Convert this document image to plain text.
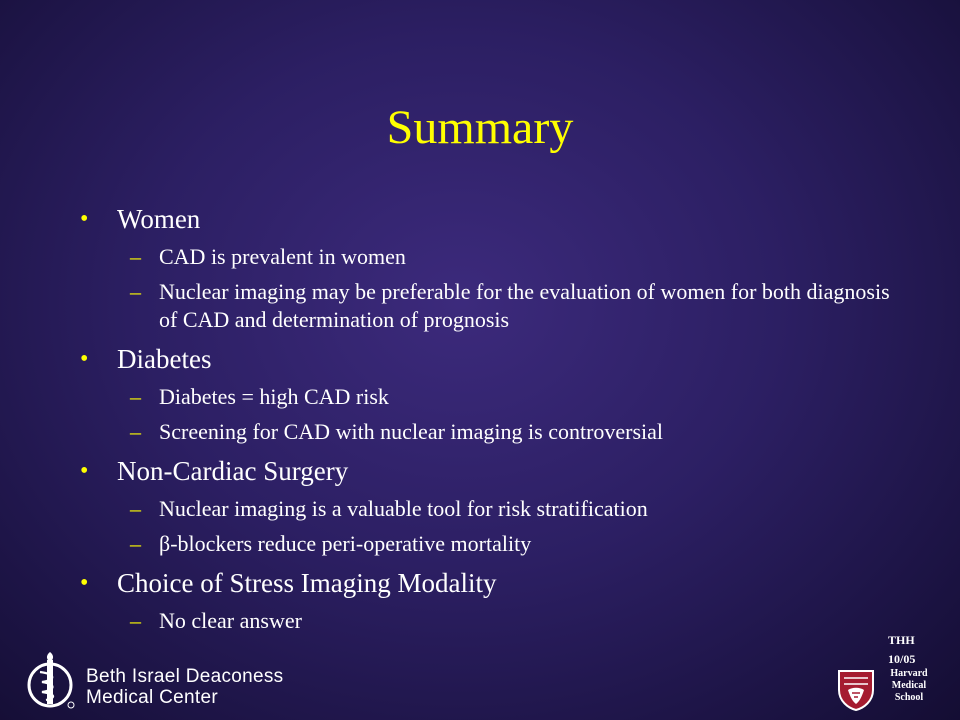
Summary
• Women
– CAD is prevalent in women
– Nuclear imaging may be preferable for the evaluation of women for both diagnosis of CAD and determination of prognosis
• Diabetes
– Diabetes = high CAD risk
– Screening for CAD with nuclear imaging is controversial
• Non-Cardiac Surgery
– Nuclear imaging is a valuable tool for risk stratification
– β-blockers reduce peri-operative mortality
• Choice of Stress Imaging Modality
– No clear answer
Beth Israel Deaconess
Medical Center
THH
10/05
Harvard
Medical
School
